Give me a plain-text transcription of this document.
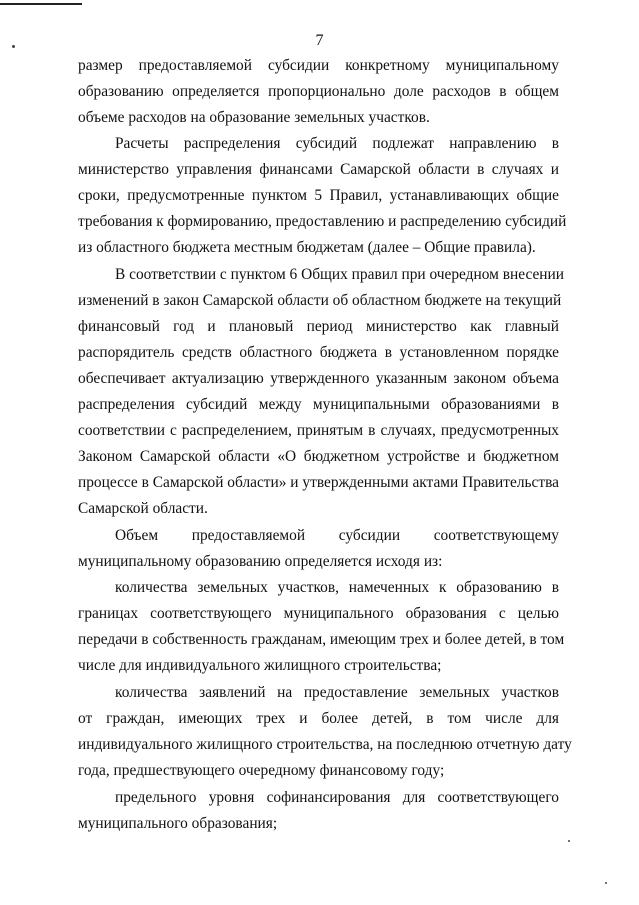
7
размер предоставляемой субсидии конкретному муниципальному
образованию определяется пропорционально доле расходов в общем
объеме расходов на образование земельных участков.
Расчеты распределения субсидий подлежат направлению в
министерство управления финансами Самарской области в случаях и
сроки, предусмотренные пунктом 5 Правил, устанавливающих общие
требования к формированию, предоставлению и распределению субсидий
из областного бюджета местным бюджетам (далее – Общие правила).
В соответствии с пунктом 6 Общих правил при очередном внесении
изменений в закон Самарской области об областном бюджете на текущий
финансовый год и плановый период министерство как главный
распорядитель средств областного бюджета в установленном порядке
обеспечивает актуализацию утвержденного указанным законом объема
распределения субсидий между муниципальными образованиями в
соответствии с распределением, принятым в случаях, предусмотренных
Законом Самарской области «О бюджетном устройстве и бюджетном
процессе в Самарской области» и утвержденными актами Правительства
Самарской области.
Объем предоставляемой субсидии соответствующему
муниципальному образованию определяется исходя из:
количества земельных участков, намеченных к образованию в
границах соответствующего муниципального образования с целью
передачи в собственность гражданам, имеющим трех и более детей, в том
числе для индивидуального жилищного строительства;
количества заявлений на предоставление земельных участков
от граждан, имеющих трех и более детей, в том числе для
индивидуального жилищного строительства, на последнюю отчетную дату
года, предшествующего очередному финансовому году;
предельного уровня софинансирования для соответствующего
муниципального образования;
